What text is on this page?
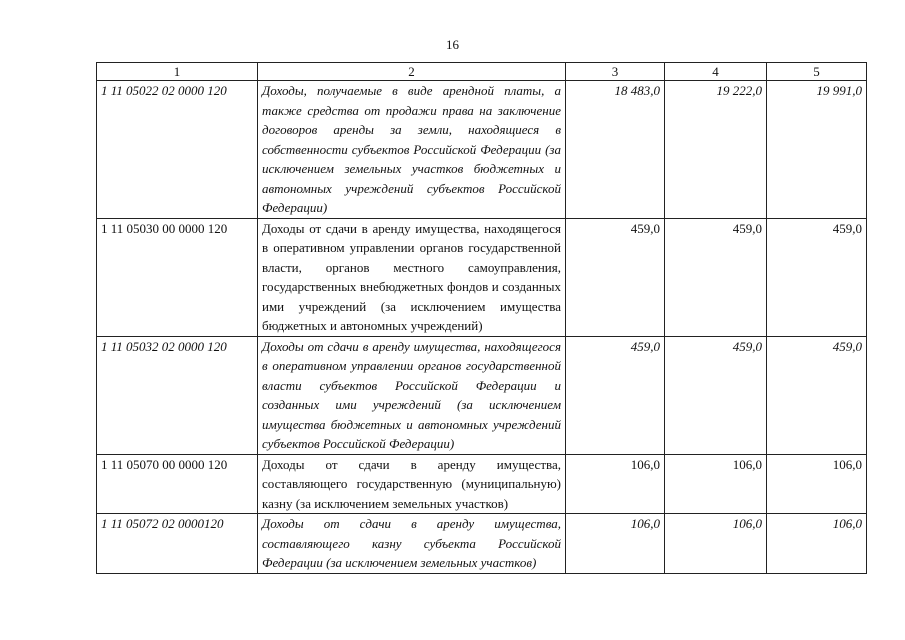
16
1	2	3	4	5
1 11 05022 02 0000 120	Доходы, получаемые в виде арендной платы, а также средства от продажи права на заключение договоров аренды за земли, находящиеся в собственности субъектов Российской Федерации (за исключением земельных участков бюджетных и автономных учреждений субъектов Российской Федерации)	18 483,0	19 222,0	19 991,0
1 11 05030 00 0000 120	Доходы от сдачи в аренду имущества, находящегося в оперативном управлении органов государственной власти, органов местного самоуправления, государственных внебюджетных фондов и созданных ими учреждений (за исключением имущества бюджетных и автономных учреждений)	459,0	459,0	459,0
1 11 05032 02 0000 120	Доходы от сдачи в аренду имущества, находящегося в оперативном управлении органов государственной власти субъектов Российской Федерации и созданных ими учреждений (за исключением имущества бюджетных и автономных учреждений субъектов Российской Федерации)	459,0	459,0	459,0
1 11 05070 00 0000 120	Доходы от сдачи в аренду имущества, составляющего государственную (муниципальную) казну (за исключением земельных участков)	106,0	106,0	106,0
1 11 05072 02 0000120	Доходы от сдачи в аренду имущества, составляющего казну субъекта Российской Федерации (за исключением земельных участков)	106,0	106,0	106,0
